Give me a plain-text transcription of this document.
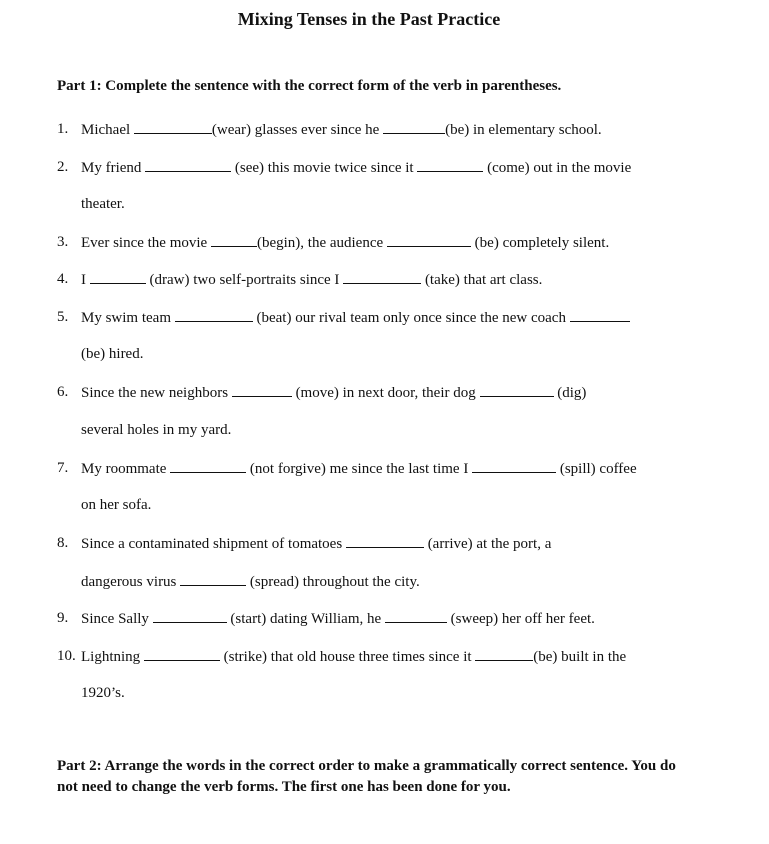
Mixing Tenses in the Past Practice
Part 1: Complete the sentence with the correct form of the verb in parentheses.
1. Michael	(wear) glasses ever since he	(be) in elementary school.
2. My friend	(see) this movie twice since it	(come) out in the movie
theater.
3. Ever since the movie	(begin), the audience	(be) completely silent.
4. I	(draw) two self-portraits since I	(take) that art class.
5. My swim team	(beat) our rival team only once since the new coach
(be) hired.
6. Since the new neighbors	(move) in next door, their dog	(dig)
several holes in my yard.
7. My roommate	(not forgive) me since the last time I	(spill) coffee
on her sofa.
8. Since a contaminated shipment of tomatoes	(arrive) at the port, a
dangerous virus	(spread) throughout the city.
9. Since Sally	(start) dating William, he	(sweep) her off her feet.
10. Lightning	(strike) that old house three times since it	(be) built in the
1920’s.
Part 2: Arrange the words in the correct order to make a grammatically correct sentence. You do not need to change the verb forms. The first one has been done for you.
